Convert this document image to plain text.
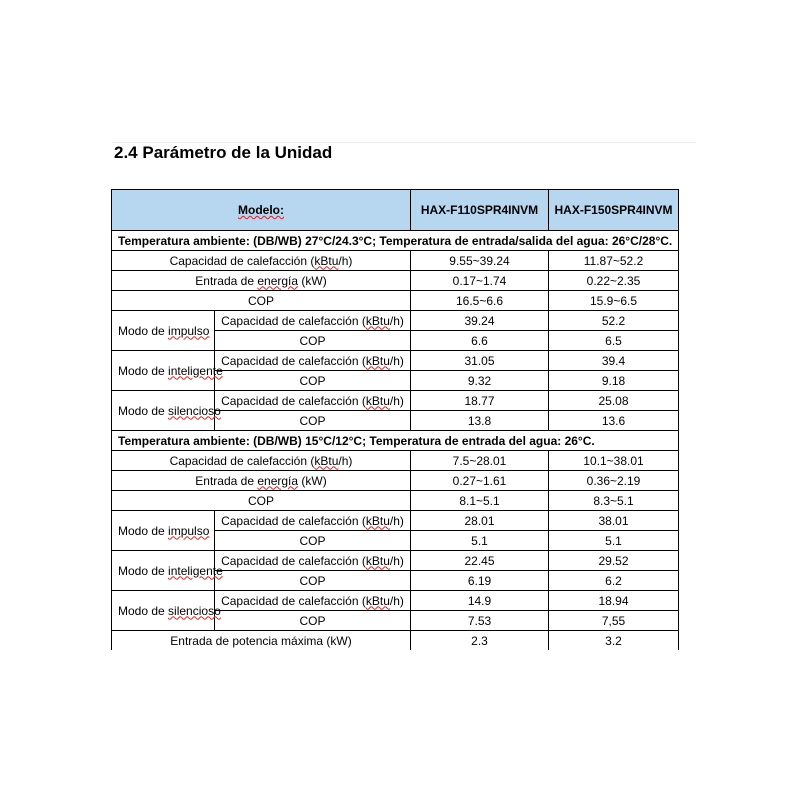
2.4 Parámetro de la Unidad
Modelo:		HAX-F110SPR4INVM	HAX-F150SPR4INVM
Temperatura ambiente: (DB/WB) 27°C/24.3°C; Temperatura de entrada/salida del agua: 26°C/28°C.			
Capacidad de calefacción (kBtu/h)		9.55~39.24	11.87~52.2
Entrada de energía (kW)		0.17~1.74	0.22~2.35
COP		16.5~6.6	15.9~6.5
Modo de impulso	Capacidad de calefacción (kBtu/h)	39.24	52.2
	COP	6.6	6.5
Modo de inteligente	Capacidad de calefacción (kBtu/h)	31.05	39.4
	COP	9.32	9.18
Modo de silencioso	Capacidad de calefacción (kBtu/h)	18.77	25.08
	COP	13.8	13.6
Temperatura ambiente: (DB/WB) 15°C/12°C; Temperatura de entrada del agua: 26°C.			
Capacidad de calefacción (kBtu/h)		7.5~28.01	10.1~38.01
Entrada de energía (kW)		0.27~1.61	0.36~2.19
COP		8.1~5.1	8.3~5.1
Modo de impulso	Capacidad de calefacción (kBtu/h)	28.01	38.01
	COP	5.1	5.1
Modo de inteligente	Capacidad de calefacción (kBtu/h)	22.45	29.52
	COP	6.19	6.2
Modo de silencioso	Capacidad de calefacción (kBtu/h)	14.9	18.94
	COP	7.53	7,55
Entrada de potencia máxima (kW)		2.3	3.2
